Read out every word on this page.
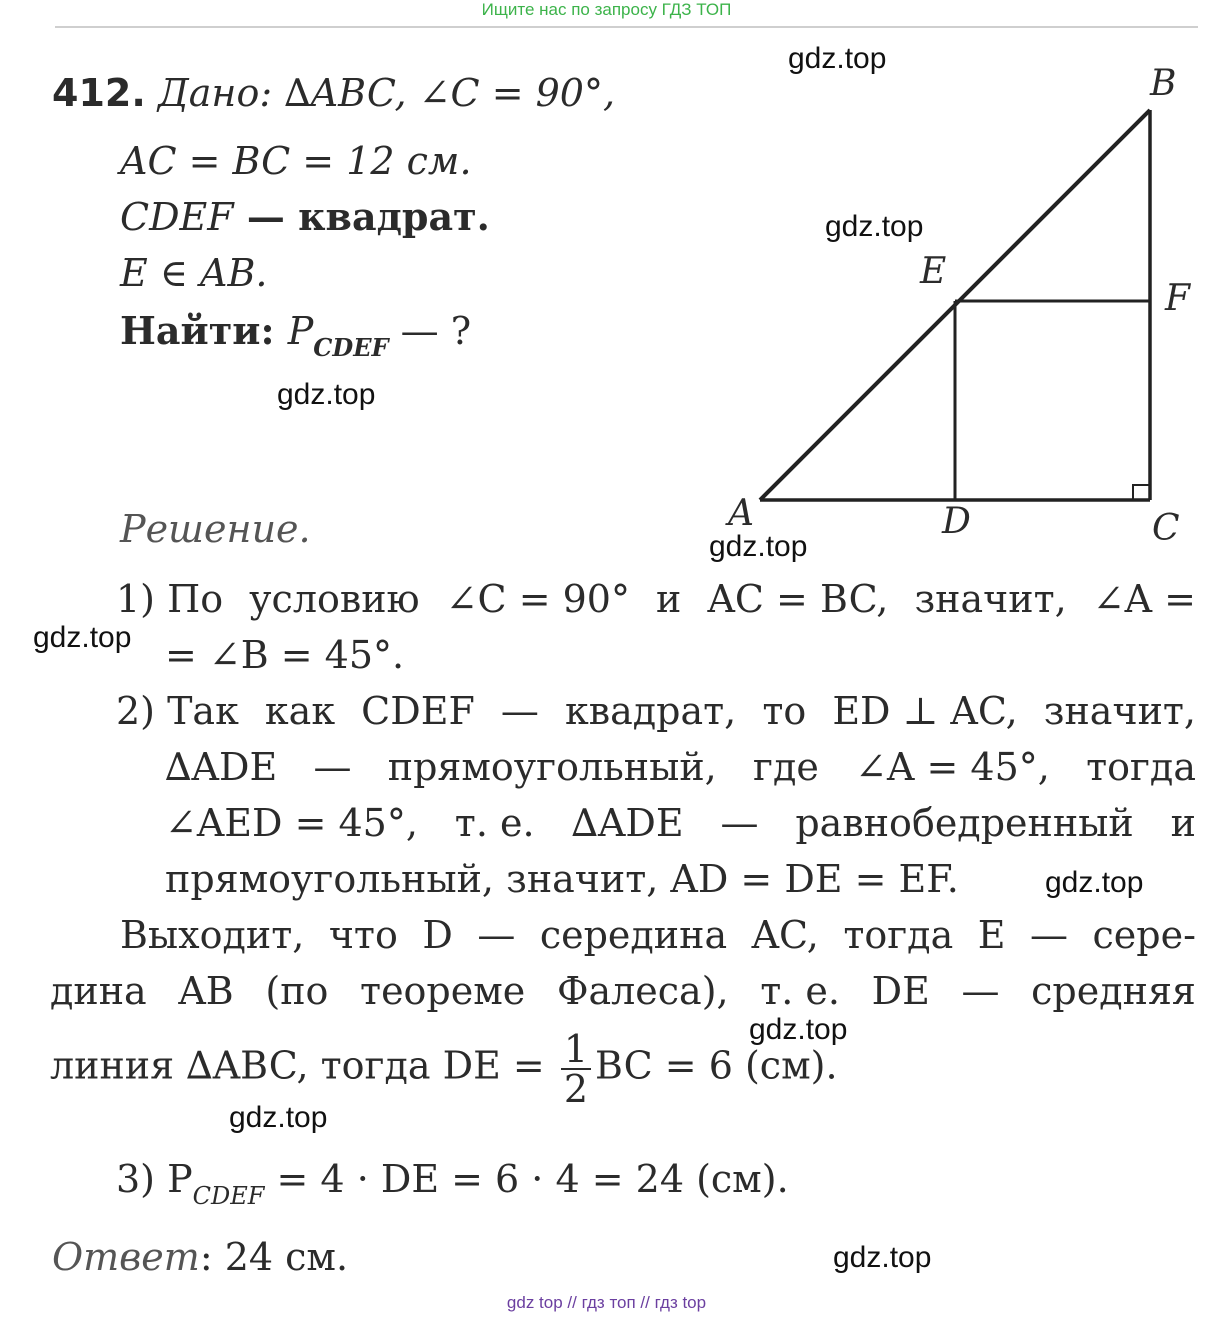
Ищите нас по запросу ГДЗ ТОП
gdz.top
gdz.top
gdz.top
gdz.top
gdz.top
gdz.top
gdz.top
gdz.top
gdz.top
412. Дано: ∆ABC, ∠C = 90°,
AC = BC = 12 см.
CDEF — квадрат.
E ∈ AB.
Найти: $P_{CDEF}$ — ?
B
E
F
A	D	C
Решение.
1) По условию ∠C = 90° и AC = BC, значит, ∠A =
= ∠B = 45°.
2) Так как CDEF — квадрат, то ED ⊥ AC, значит,
∆ADE — прямоугольный, где ∠A = 45°, тогда
∠AED = 45°, т. е. ∆ADE — равнобедренный и
прямоугольный, значит, AD = DE = EF.
Выходит, что D — середина AC, тогда E — сере-
дина AB (по теореме Фалеса), т. е. DE — средняя
линия ∆ABC, тогда DE = $\frac{1}{2}$ BC = 6 (см).
3) $P_{CDEF} = 4$ · DE = 6 · 4 = 24 (см).
Ответ: 24 см.
gdz top // гдз топ // гдз top
